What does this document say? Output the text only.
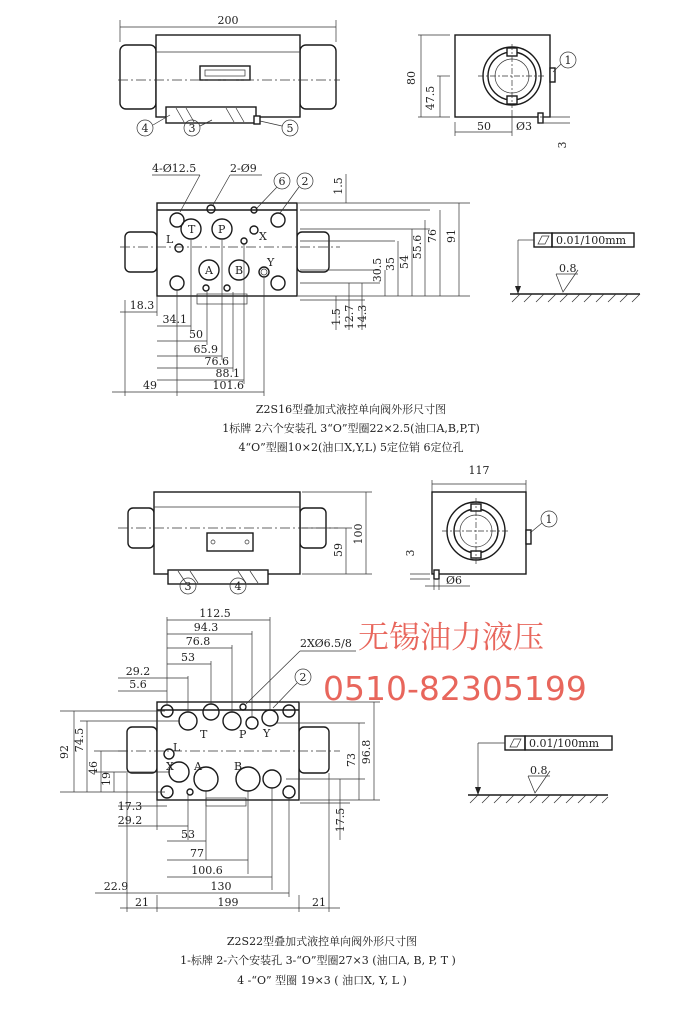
200
4	3	5
80
47.5
50 Ø3
3
1
T P
L	X
A B
Y
4-Ø12.5	2-Ø9
6 2 1.5
30.5 35 54
55.6 76 91
1.5 12.7 14.3
18.3
34.1
50
65.9
76.6
88.1
101.6
49
0.01/100mm
0.8
Z2S16型叠加式液控单向阀外形尺寸图
1标牌 2六个安装孔 3“O”型圈22×2.5(油口A,B,P,T)
4“O”型圈10×2(油口X,Y,L) 5定位销 6定位孔
100
59
3	4
117
3
Ø6
1
L
T	P Y
X A	B
2XØ6.5/8
2
112.5
94.3
76.8
53
29.2
5.6
92 74.5
46
19
73 96.8
17.5
17.3
29.2
53
77
100.6
130
22.9
21	199	21
0.01/100mm
0.8
Z2S22型叠加式液控单向阀外形尺寸图
1-标牌 2-六个安装孔 3-“O”型圈27×3 (油口A, B, P, T )
4 -“O” 型圈 19×3 ( 油口X, Y, L )
无锡油力液压
0510-82305199
